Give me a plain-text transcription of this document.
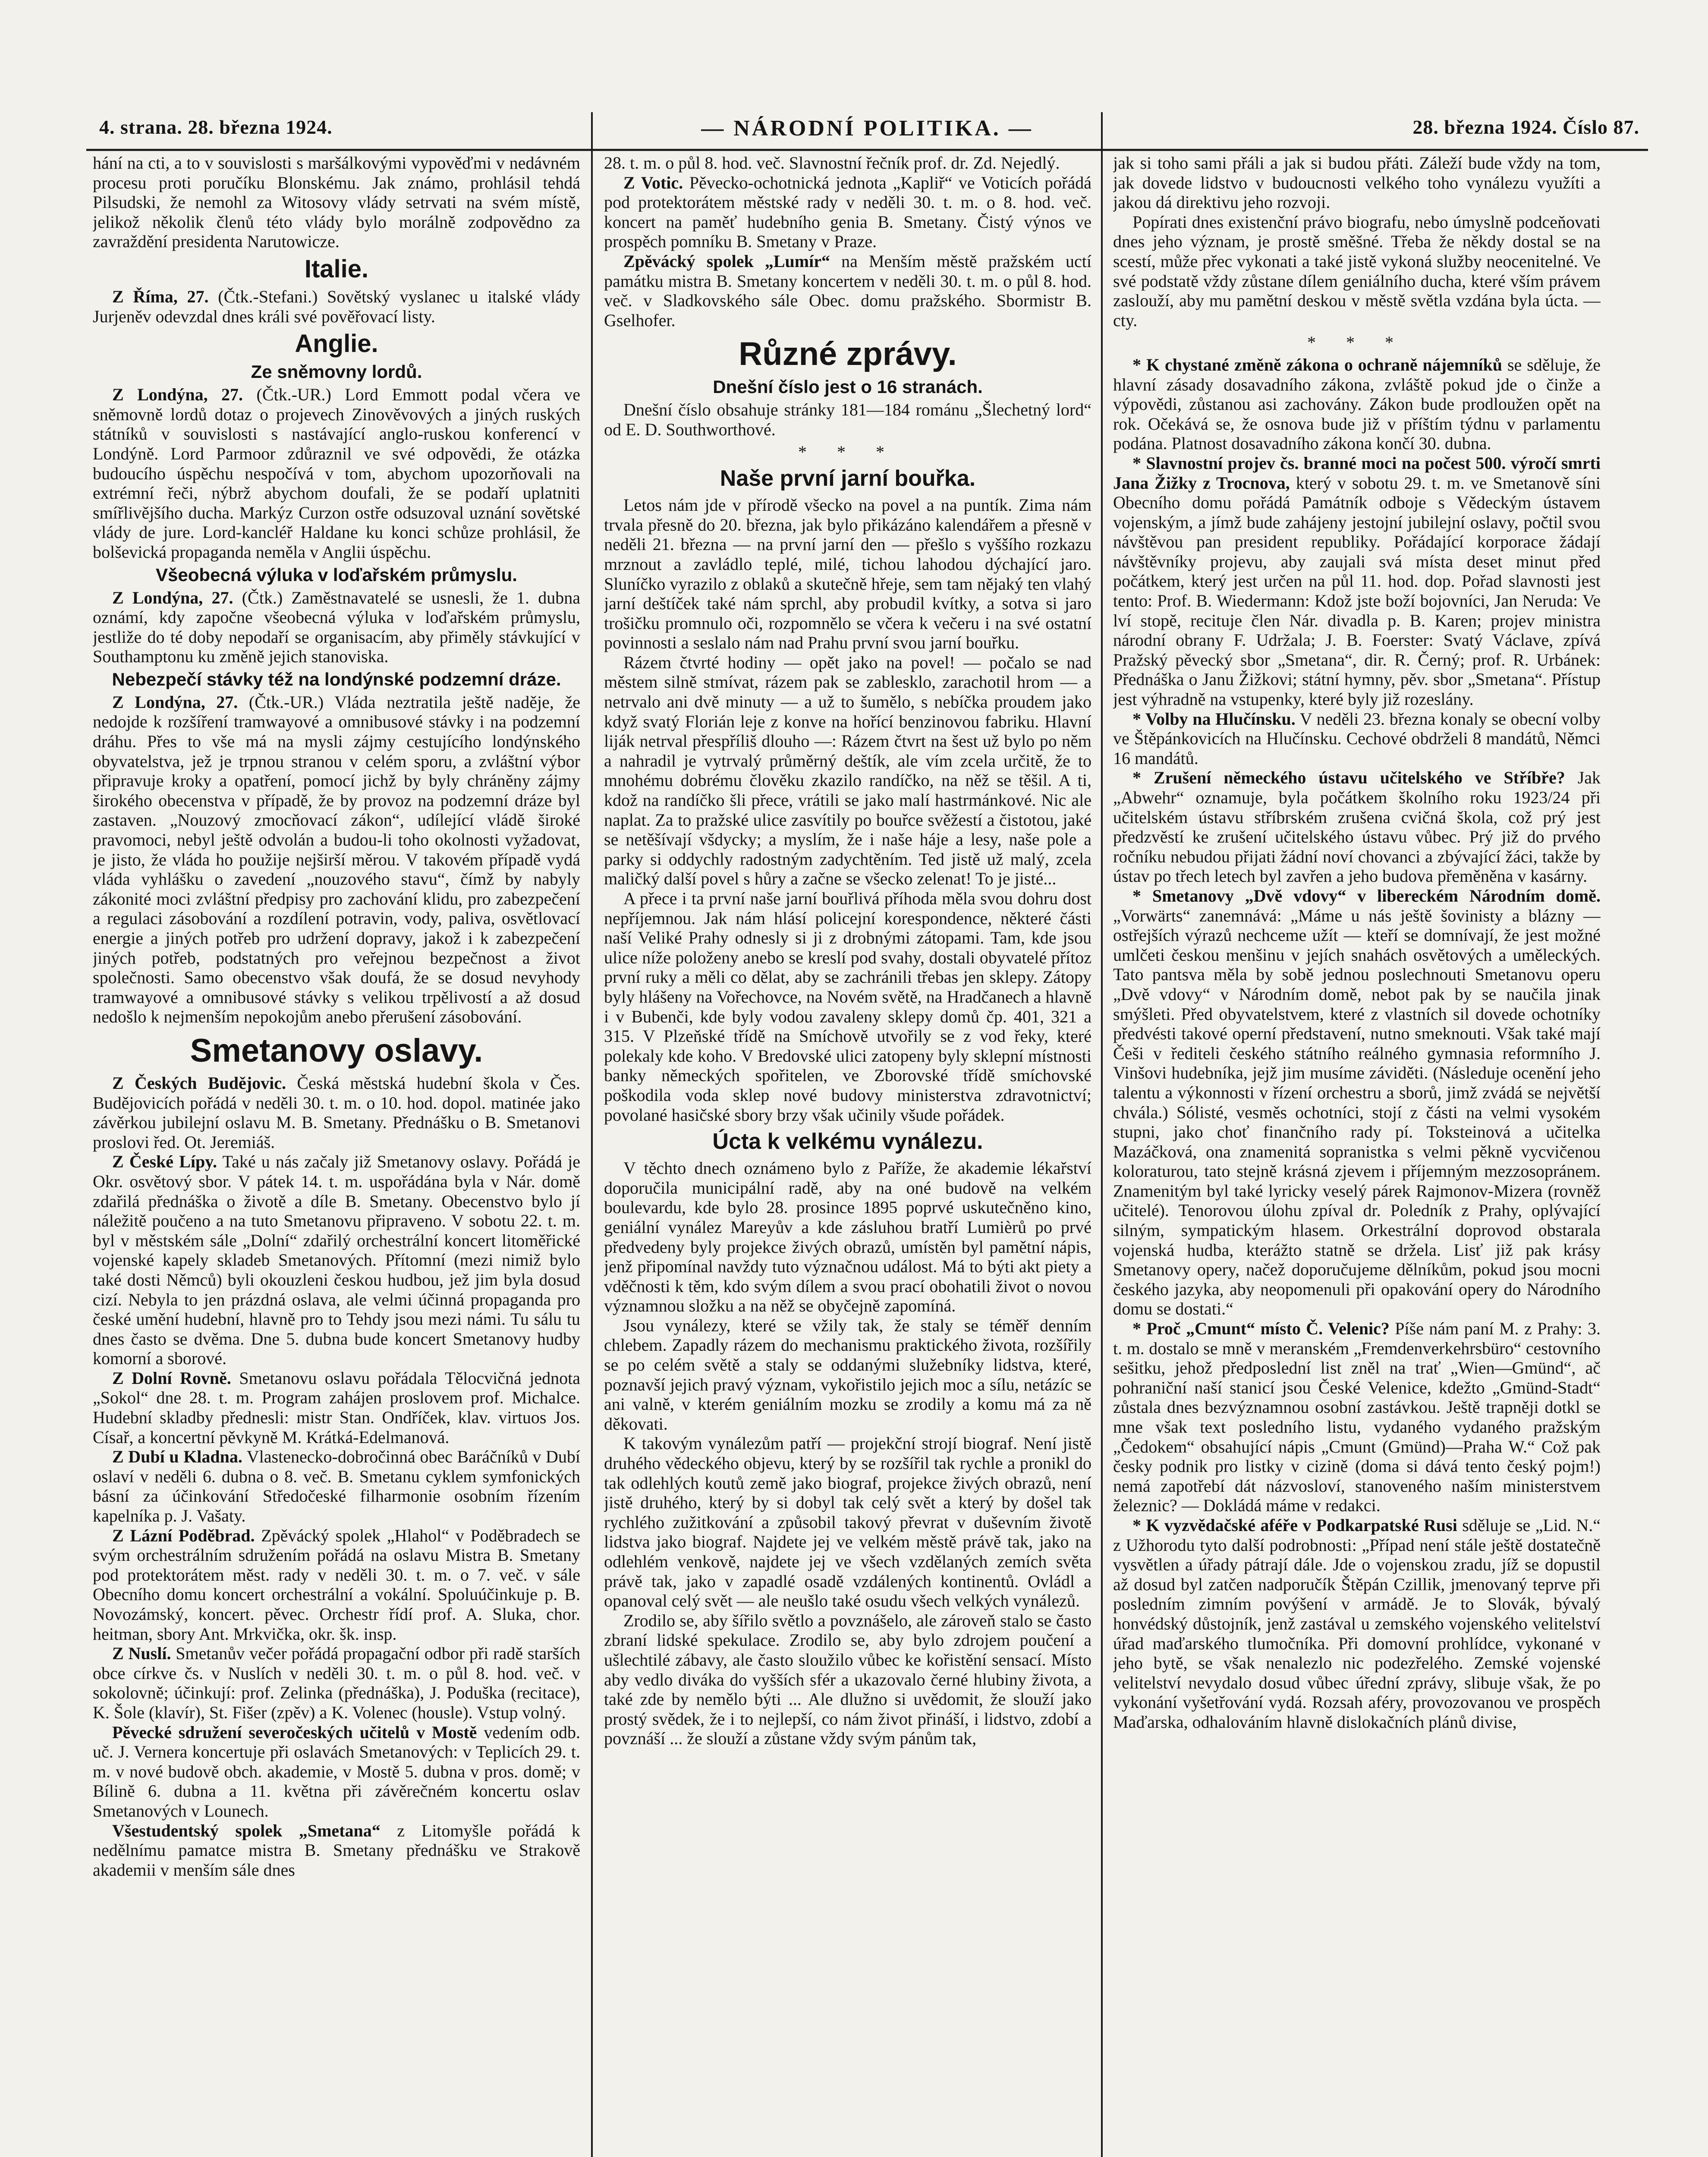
4. strana. 28. března 1924.	— NÁRODNÍ POLITIKA. —	28. března 1924. Číslo 87.

hání na cti, a to v souvislosti s maršálkovými vypověďmi v nedávném procesu proti poručíku Blonskému. Jak známo, prohlásil tehdá Pilsudski, že nemohl za Witosovy vlády setrvati na svém místě, jelikož několik členů této vlády bylo morálně zodpovědno za zavraždění presidenta Narutowicze.

Italie.

Z Říma, 27. (Čtk.-Stefani.) Sovětský vyslanec u italské vlády Jurjeněv odevzdal dnes králi své pověřovací listy.

Anglie.
Ze sněmovny lordů.

Z Londýna, 27. (Čtk.-UR.) Lord Emmott podal včera ve sněmovně lordů dotaz o projevech Zinověvových a jiných ruských státníků v souvislosti s nastávající anglo-ruskou konferencí v Londýně. Lord Parmoor zdůraznil ve své odpovědi, že otázka budoucího úspěchu nespočívá v tom, abychom upozorňovali na extrémní řeči, nýbrž abychom doufali, že se podaří uplatniti smířlivějšího ducha. Markýz Curzon ostře odsuzoval uznání sovětské vlády de jure. Lord-kancléř Haldane ku konci schůze prohlásil, že bolševická propaganda neměla v Anglii úspěchu.

Všeobecná výluka v loďařském průmyslu.

Z Londýna, 27. (Čtk.) Zaměstnavatelé se usnesli, že 1. dubna oznámí, kdy započne všeobecná výluka v loďařském průmyslu, jestliže do té doby nepodaří se organisacím, aby přiměly stávkující v Southamptonu ku změně jejich stanoviska.

Nebezpečí stávky též na londýnské podzemní dráze.

Z Londýna, 27. (Čtk.-UR.) Vláda neztratila ještě naděje, že nedojde k rozšíření tramwayové a omnibusové stávky i na podzemní dráhu. Přes to vše má na mysli zájmy cestujícího londýnského obyvatelstva, jež je trpnou stranou v celém sporu, a zvláštní výbor připravuje kroky a opatření, pomocí jichž by byly chráněny zájmy širokého obecenstva v případě, že by provoz na podzemní dráze byl zastaven. „Nouzový zmocňovací zákon“, udílející vládě široké pravomoci, nebyl ještě odvolán a budou-li toho okolnosti vyžadovat, je jisto, že vláda ho použije nejširší měrou. V takovém případě vydá vláda vyhlášku o zavedení „nouzového stavu“, čímž by nabyly zákonité moci zvláštní předpisy pro zachování klidu, pro zabezpečení a regulaci zásobování a rozdílení potravin, vody, paliva, osvětlovací energie a jiných potřeb pro udržení dopravy, jakož i k zabezpečení jiných potřeb, podstatných pro veřejnou bezpečnost a život společnosti. Samo obecenstvo však doufá, že se dosud nevyhody tramwayové a omnibusové stávky s velikou trpělivostí a až dosud nedošlo k nejmenším nepokojům anebo přerušení zásobování.

Smetanovy oslavy.

Z Českých Budějovic. Česká městská hudební škola v Čes. Budějovicích pořádá v neděli 30. t. m. o 10. hod. dopol. matinée jako závěrkou jubilejní oslavu M. B. Smetany. Přednášku o B. Smetanovi proslovi řed. Ot. Jeremiáš.

Z České Lípy. Také u nás začaly již Smetanovy oslavy. Pořádá je Okr. osvětový sbor. V pátek 14. t. m. uspořádána byla v Nár. domě zdařilá přednáška o životě a díle B. Smetany. Obecenstvo bylo jí náležitě poučeno a na tuto Smetanovu připraveno. V sobotu 22. t. m. byl v městském sále „Dolní“ zdařilý orchestrální koncert litoměřické vojenské kapely skladeb Smetanových. Přítomní (mezi nimiž bylo také dosti Němců) byli okouzleni českou hudbou, jež jim byla dosud cizí. Nebyla to jen prázdná oslava, ale velmi účinná propaganda pro české umění hudební, hlavně pro to Tehdy jsou mezi námi. Tu sálu tu dnes často se dvěma. Dne 5. dubna bude koncert Smetanovy hudby komorní a sborové.

Z Dolní Rovně. Smetanovu oslavu pořádala Tělocvičná jednota „Sokol“ dne 28. t. m. Program zahájen proslovem prof. Michalce. Hudební skladby přednesli: mistr Stan. Ondříček, klav. virtuos Jos. Císař, a koncertní pěvkyně M. Krátká-Edelmanová.

Z Dubí u Kladna. Vlastenecko-dobročinná obec Baráčníků v Dubí oslaví v neděli 6. dubna o 8. več. B. Smetanu cyklem symfonických básní za účinkování Středočeské filharmonie osobním řízením kapelníka p. J. Vašaty.

Z Lázní Poděbrad. Zpěvácký spolek „Hlahol“ v Poděbradech se svým orchestrálním sdružením pořádá na oslavu Mistra B. Smetany pod protektorátem měst. rady v neděli 30. t. m. o 7. več. v sále Obecního domu koncert orchestrální a vokální. Spoluúčinkuje p. B. Novozámský, koncert. pěvec. Orchestr řídí prof. A. Sluka, chor. heitman, sbory Ant. Mrkvička, okr. šk. insp.

Z Nuslí. Smetanův večer pořádá propagační odbor při radě starších obce církve čs. v Nuslích v neděli 30. t. m. o půl 8. hod. več. v sokolovně; účinkují: prof. Zelinka (přednáška), J. Poduška (recitace), K. Šole (klavír), St. Fišer (zpěv) a K. Volenec (housle). Vstup volný.

Pěvecké sdružení severočeských učitelů v Mostě vedením odb. uč. J. Vernera koncertuje při oslavách Smetanových: v Teplicích 29. t. m. v nové budově obch. akademie, v Mostě 5. dubna v pros. domě; v Bílině 6. dubna a 11. května při závěrečném koncertu oslav Smetanových v Lounech.

Všestudentský spolek „Smetana“ z Litomyšle pořádá k nedělnímu pamatce mistra B. Smetany přednášku ve Strakově akademii v menším sále dnes

28. t. m. o půl 8. hod. več. Slavnostní řečník prof. dr. Zd. Nejedlý.

Z Votic. Pěvecko-ochotnická jednota „Kapliř“ ve Voticích pořádá pod protektorátem městské rady v neděli 30. t. m. o 8. hod. več. koncert na paměť hudebního genia B. Smetany. Čistý výnos ve prospěch pomníku B. Smetany v Praze.

Zpěvácký spolek „Lumír“ na Menším městě pražském uctí památku mistra B. Smetany koncertem v neděli 30. t. m. o půl 8. hod. več. v Sladkovského sále Obec. domu pražského. Sbormistr B. Gselhofer.

Různé zprávy.
Dnešní číslo jest o 16 stranách.

Dnešní číslo obsahuje stránky 181—184 románu „Šlechetný lord“ od E. D. Southworthové.

* * *

Naše první jarní bouřka.

Letos nám jde v přírodě všecko na povel a na puntík. Zima nám trvala přesně do 20. března, jak bylo přikázáno kalendářem a přesně v neděli 21. března — na první jarní den — přešlo s vyššího rozkazu mrznout a zavládlo teplé, milé, tichou lahodou dýchající jaro. Sluníčko vyrazilo z oblaků a skutečně hřeje, sem tam nějaký ten vlahý jarní deštíček také nám sprchl, aby probudil kvítky, a sotva si jaro trošičku promnulo oči, rozpomnělo se včera k večeru i na své ostatní povinnosti a seslalo nám nad Prahu první svou jarní bouřku.

Rázem čtvrté hodiny — opět jako na povel! — počalo se nad městem silně stmívat, rázem pak se zablesklo, zarachotil hrom — a netrvalo ani dvě minuty — a už to šumělo, s nebíčka proudem jako když svatý Florián leje z konve na hořící benzinovou fabriku. Hlavní liják netrval přespříliš dlouho —: Rázem čtvrt na šest už bylo po něm a nahradil je vytrvalý průměrný deštík, ale vím zcela určitě, že to mnohému dobrému člověku zkazilo randíčko, na něž se těšil. A ti, kdož na randíčko šli přece, vrátili se jako malí hastrmánkové. Nic ale naplat. Za to pražské ulice zasvítily po bouřce svěžestí a čistotou, jaké se netěšívají všdycky; a myslím, že i naše háje a lesy, naše pole a parky si oddychly radostným zadychtěním. Ted jistě už malý, zcela maličký další povel s hůry a začne se všecko zelenat! To je jisté...

A přece i ta první naše jarní bouřlivá příhoda měla svou dohru dost nepříjemnou. Jak nám hlásí policejní korespondence, některé části naší Veliké Prahy odnesly si ji z drobnými zátopami. Tam, kde jsou ulice níže položeny anebo se kreslí pod svahy, dostali obyvatelé přítoz první ruky a měli co dělat, aby se zachránili třebas jen sklepy. Zátopy byly hlášeny na Vořechovce, na Novém světě, na Hradčanech a hlavně i v Bubenči, kde byly vodou zavaleny sklepy domů čp. 401, 321 a 315. V Plzeňské třídě na Smíchově utvořily se z vod řeky, které polekaly kde koho. V Bredovské ulici zatopeny byly sklepní místnosti banky německých spořitelen, ve Zborovské třídě smíchovské poškodila voda sklep nové budovy ministerstva zdravotnictví; povolané hasičské sbory brzy však učinily všude pořádek.

Úcta k velkému vynálezu.

V těchto dnech oznámeno bylo z Paříže, že akademie lékařství doporučila municipální radě, aby na oné budově na velkém boulevardu, kde bylo 28. prosince 1895 poprvé uskutečněno kino, geniální vynález Mareyův a kde zásluhou bratří Lumièrů po prvé předvedeny byly projekce živých obrazů, umístěn byl pamětní nápis, jenž připomínal navždy tuto význačnou událost. Má to býti akt piety a vděčnosti k těm, kdo svým dílem a svou prací obohatili život o novou významnou složku a na něž se obyčejně zapomíná.

Jsou vynálezy, které se vžily tak, že staly se téměř denním chlebem. Zapadly rázem do mechanismu praktického života, rozšířily se po celém světě a staly se oddanými služebníky lidstva, které, poznavší jejich pravý význam, vykořistilo jejich moc a sílu, netázíc se ani valně, v kterém geniálním mozku se zrodily a komu má za ně děkovati.

K takovým vynálezům patří — projekční strojí biograf. Není jistě druhého vědeckého objevu, který by se rozšířil tak rychle a pronikl do tak odlehlých koutů země jako biograf, projekce živých obrazů, není jistě druhého, který by si dobyl tak celý svět a který by došel tak rychlého zužitkování a způsobil takový převrat v duševním životě lidstva jako biograf. Najdete jej ve velkém městě právě tak, jako na odlehlém venkově, najdete jej ve všech vzdělaných zemích světa právě tak, jako v zapadlé osadě vzdálených kontinentů. Ovládl a opanoval celý svět — ale neušlo také osudu všech velkých vynálezů.

Zrodilo se, aby šířilo světlo a povznášelo, ale zároveň stalo se často zbraní lidské spekulace. Zrodilo se, aby bylo zdrojem poučení a ušlechtilé zábavy, ale často sloužilo vůbec ke kořistění sensací. Místo aby vedlo diváka do vyšších sfér a ukazovalo černé hlubiny života, a také zde by nemělo býti ... Ale dlužno si uvědomit, že slouží jako prostý svědek, že i to nejlepší, co nám život přináší, i lidstvo, zdobí a povznáší ... že slouží a zůstane vždy svým pánům tak,

jak si toho sami přáli a jak si budou přáti. Záleží bude vždy na tom, jak dovede lidstvo v budoucnosti velkého toho vynálezu využíti a jakou dá direktivu jeho rozvoji.

Popírati dnes existenční právo biografu, nebo úmyslně podceňovati dnes jeho význam, je prostě směšné. Třeba že někdy dostal se na scestí, může přec vykonati a také jistě vykoná služby neocenitelné. Ve své podstatě vždy zůstane dílem geniálního ducha, které vším právem zaslouží, aby mu pamětní deskou v městě světla vzdána byla úcta. —cty.

* * *

* K chystané změně zákona o ochraně nájemníků se sděluje, že hlavní zásady dosavadního zákona, zvláště pokud jde o činže a výpovědi, zůstanou asi zachovány. Zákon bude prodloužen opět na rok. Očekává se, že osnova bude již v příštím týdnu v parlamentu podána. Platnost dosavadního zákona končí 30. dubna.

* Slavnostní projev čs. branné moci na počest 500. výročí smrti Jana Žižky z Trocnova, který v sobotu 29. t. m. ve Smetanově síni Obecního domu pořádá Památník odboje s Vědeckým ústavem vojenským, a jímž bude zahájeny jestojní jubilejní oslavy, počtil svou návštěvou pan president republiky. Pořádající korporace žádají návštěvníky projevu, aby zaujali svá místa deset minut před počátkem, který jest určen na půl 11. hod. dop. Pořad slavnosti jest tento: Prof. B. Wiedermann: Kdož jste boží bojovníci, Jan Neruda: Ve lví stopě, recituje člen Nár. divadla p. B. Karen; projev ministra národní obrany F. Udržala; J. B. Foerster: Svatý Václave, zpívá Pražský pěvecký sbor „Smetana“, dir. R. Černý; prof. R. Urbánek: Přednáška o Janu Žižkovi; státní hymny, pěv. sbor „Smetana“. Přístup jest výhradně na vstupenky, které byly již rozeslány.

* Volby na Hlučínsku. V neděli 23. března konaly se obecní volby ve Štěpánkovicích na Hlučínsku. Cechové obdrželi 8 mandátů, Němci 16 mandátů.

* Zrušení německého ústavu učitelského ve Stříbře? Jak „Abwehr“ oznamuje, byla počátkem školního roku 1923/24 při učitelském ústavu stříbrském zrušena cvičná škola, což prý jest předzvěstí ke zrušení učitelského ústavu vůbec. Prý již do prvého ročníku nebudou přijati žádní noví chovanci a zbývající žáci, takže by ústav po třech letech byl zavřen a jeho budova přeměněna v kasárny.

* Smetanovy „Dvě vdovy“ v libereckém Národním domě. „Vorwärts“ zanemnává: „Máme u nás ještě šovinisty a blázny — ostřejších výrazů nechceme užít — kteří se domnívají, že jest možné umlčeti českou menšinu v jejích snahách osvětových a uměleckých. Tato pantsva měla by sobě jednou poslechnouti Smetanovu operu „Dvě vdovy“ v Národním domě, nebot pak by se naučila jinak smýšleti. Před obyvatelstvem, které z vlastních sil dovede ochotníky předvésti takové operní představení, nutno smeknouti. Však také mají Češi v řediteli českého státního reálného gymnasia reformního J. Vinšovi hudebníka, jejž jim musíme záviděti. (Následuje ocenění jeho talentu a výkonnosti v řízení orchestru a sborů, jimž zvádá se největší chvála.) Sólisté, vesměs ochotníci, stojí z části na velmi vysokém stupni, jako choť finančního rady pí. Toksteinová a učitelka Mazáčková, ona znamenitá sopranistka s velmi pěkně vycvičenou koloraturou, tato stejně krásná zjevem i příjemným mezzosopránem. Znamenitým byl také lyricky veselý párek Rajmonov-Mizera (rovněž učitelé). Tenorovou úlohu zpíval dr. Poledník z Prahy, oplývající silným, sympatickým hlasem. Orkestrální doprovod obstarala vojenská hudba, kterážto statně se držela. Lisť již pak krásy Smetanovy opery, načež doporučujeme dělníkům, pokud jsou mocni českého jazyka, aby neopomenuli při opakování opery do Národního domu se dostati.“

* Proč „Cmunt“ místo Č. Velenic? Píše nám paní M. z Prahy: 3. t. m. dostalo se mně v meranském „Fremdenverkehrsbüro“ cestovního sešitku, jehož předposlední list zněl na trať „Wien—Gmünd“, ač pohraniční naší stanicí jsou České Velenice, kdežto „Gmünd-Stadt“ zůstala dnes bezvýznamnou osobní zastávkou. Ještě trapněji dotkl se mne však text posledního listu, vydaného vydaného pražským „Čedokem“ obsahující nápis „Cmunt (Gmünd)—Praha W.“ Což pak česky podnik pro listky v cizině (doma si dává tento český pojm!) nemá zapotřebí dát názvosloví, stanoveného naším ministerstvem železnic? — Dokládá máme v redakci.

* K vyzvědačské aféře v Podkarpatské Rusi sděluje se „Lid. N.“ z Užhorodu tyto další podrobnosti: „Případ není stále ještě dostatečně vysvětlen a úřady pátrají dále. Jde o vojenskou zradu, jíž se dopustil až dosud byl zatčen nadporučík Štěpán Czillik, jmenovaný teprve při posledním zimním povýšení v armádě. Je to Slovák, bývalý honvédský důstojník, jenž zastával u zemského vojenského velitelství úřad maďarského tlumočníka. Při domovní prohlídce, vykonané v jeho bytě, se však nenalezlo nic podezřelého. Zemské vojenské velitelství nevydalo dosud vůbec úřední zprávy, slibuje však, že po vykonání vyšetřování vydá. Rozsah aféry, provozovanou ve prospěch Maďarska, odhalováním hlavně dislokačních plánů divise,
